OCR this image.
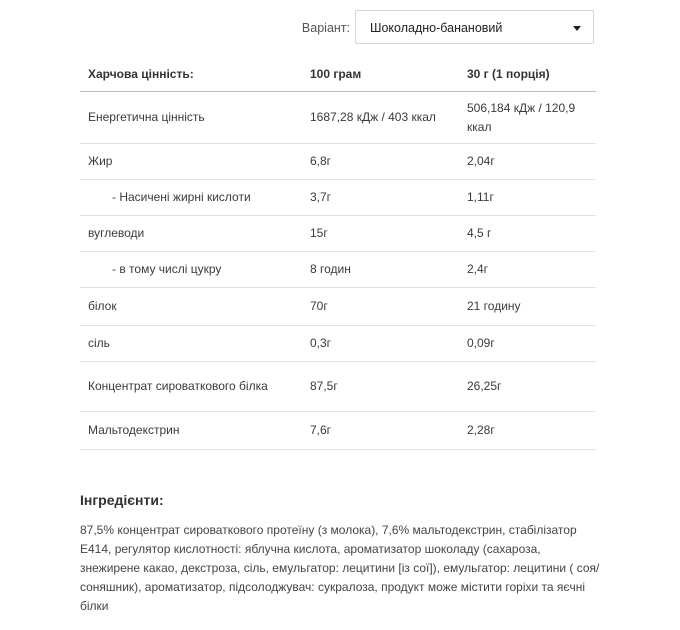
Варіант: Шоколадно-банановий
Харчова цінність:	100 грам	30 г (1 порція)
Енергетична цінність	1687,28 кДж / 403 ккал	506,184 кДж / 120,9 ккал
Жир	6,8г	2,04г
- Насичені жирні кислоти	3,7г	1,11г
вуглеводи	15г	4,5 г
- в тому числі цукру	8 годин	2,4г
білок	70г	21 годину
сіль	0,3г	0,09г
Концентрат сироваткового білка	87,5г	26,25г
Мальтодекстрин	7,6г	2,28г
Інгредієнти:
87,5% концентрат сироваткового протеїну (з молока), 7,6% мальтодекстрин, стабілізатор Е414, регулятор кислотності: яблучна кислота, ароматизатор шоколаду (сахароза, знежирене какао, декстроза, сіль, емульгатор: лецитини [із сої]), емульгатор: лецитини ( соя/соняшник), ароматизатор, підсолоджувач: сукралоза, продукт може містити горіхи та яєчні білки
